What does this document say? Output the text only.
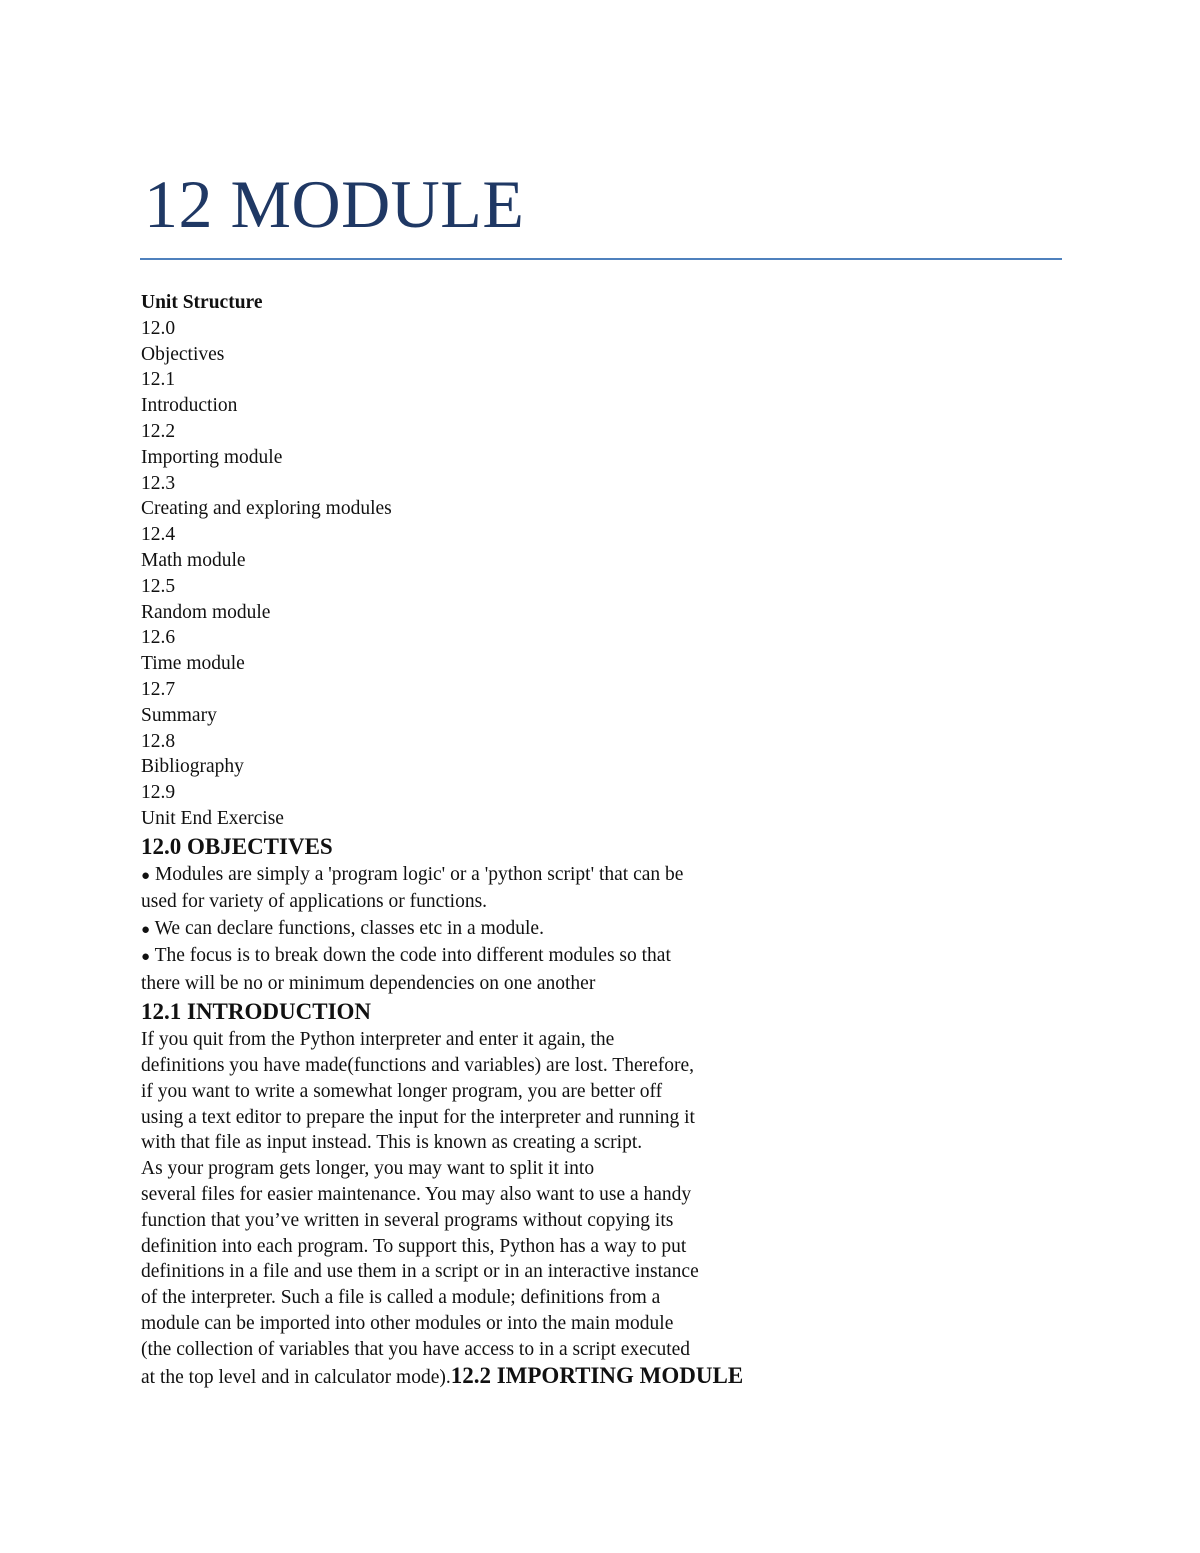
12 MODULE

Unit Structure

12.0

Objectives

12.1

Introduction

12.2

Importing module

12.3

Creating and exploring modules

12.4

Math module

12.5

Random module

12.6

Time module

12.7

Summary

12.8

Bibliography

12.9

Unit End Exercise

12.0 OBJECTIVES
● Modules are simply a 'program logic' or a 'python script' that can be
used for variety of applications or functions.
● We can declare functions, classes etc in a module.
● The focus is to break down the code into different modules so that
there will be no or minimum dependencies on one another
12.1 INTRODUCTION

If you quit from the Python interpreter and enter it again, the

definitions you have made(functions and variables) are lost. Therefore,

if you want to write a somewhat longer program, you are better off

using a text editor to prepare the input for the interpreter and running it

with that file as input instead. This is known as creating a script.

As your program gets longer, you may want to split it into

several files for easier maintenance. You may also want to use a handy

function that you’ve written in several programs without copying its

definition into each program. To support this, Python has a way to put

definitions in a file and use them in a script or in an interactive instance

of the interpreter. Such a file is called a module; definitions from a

module can be imported into other modules or into the main module

(the collection of variables that you have access to in a script executed

at the top level and in calculator mode).12.2 IMPORTING MODULE
